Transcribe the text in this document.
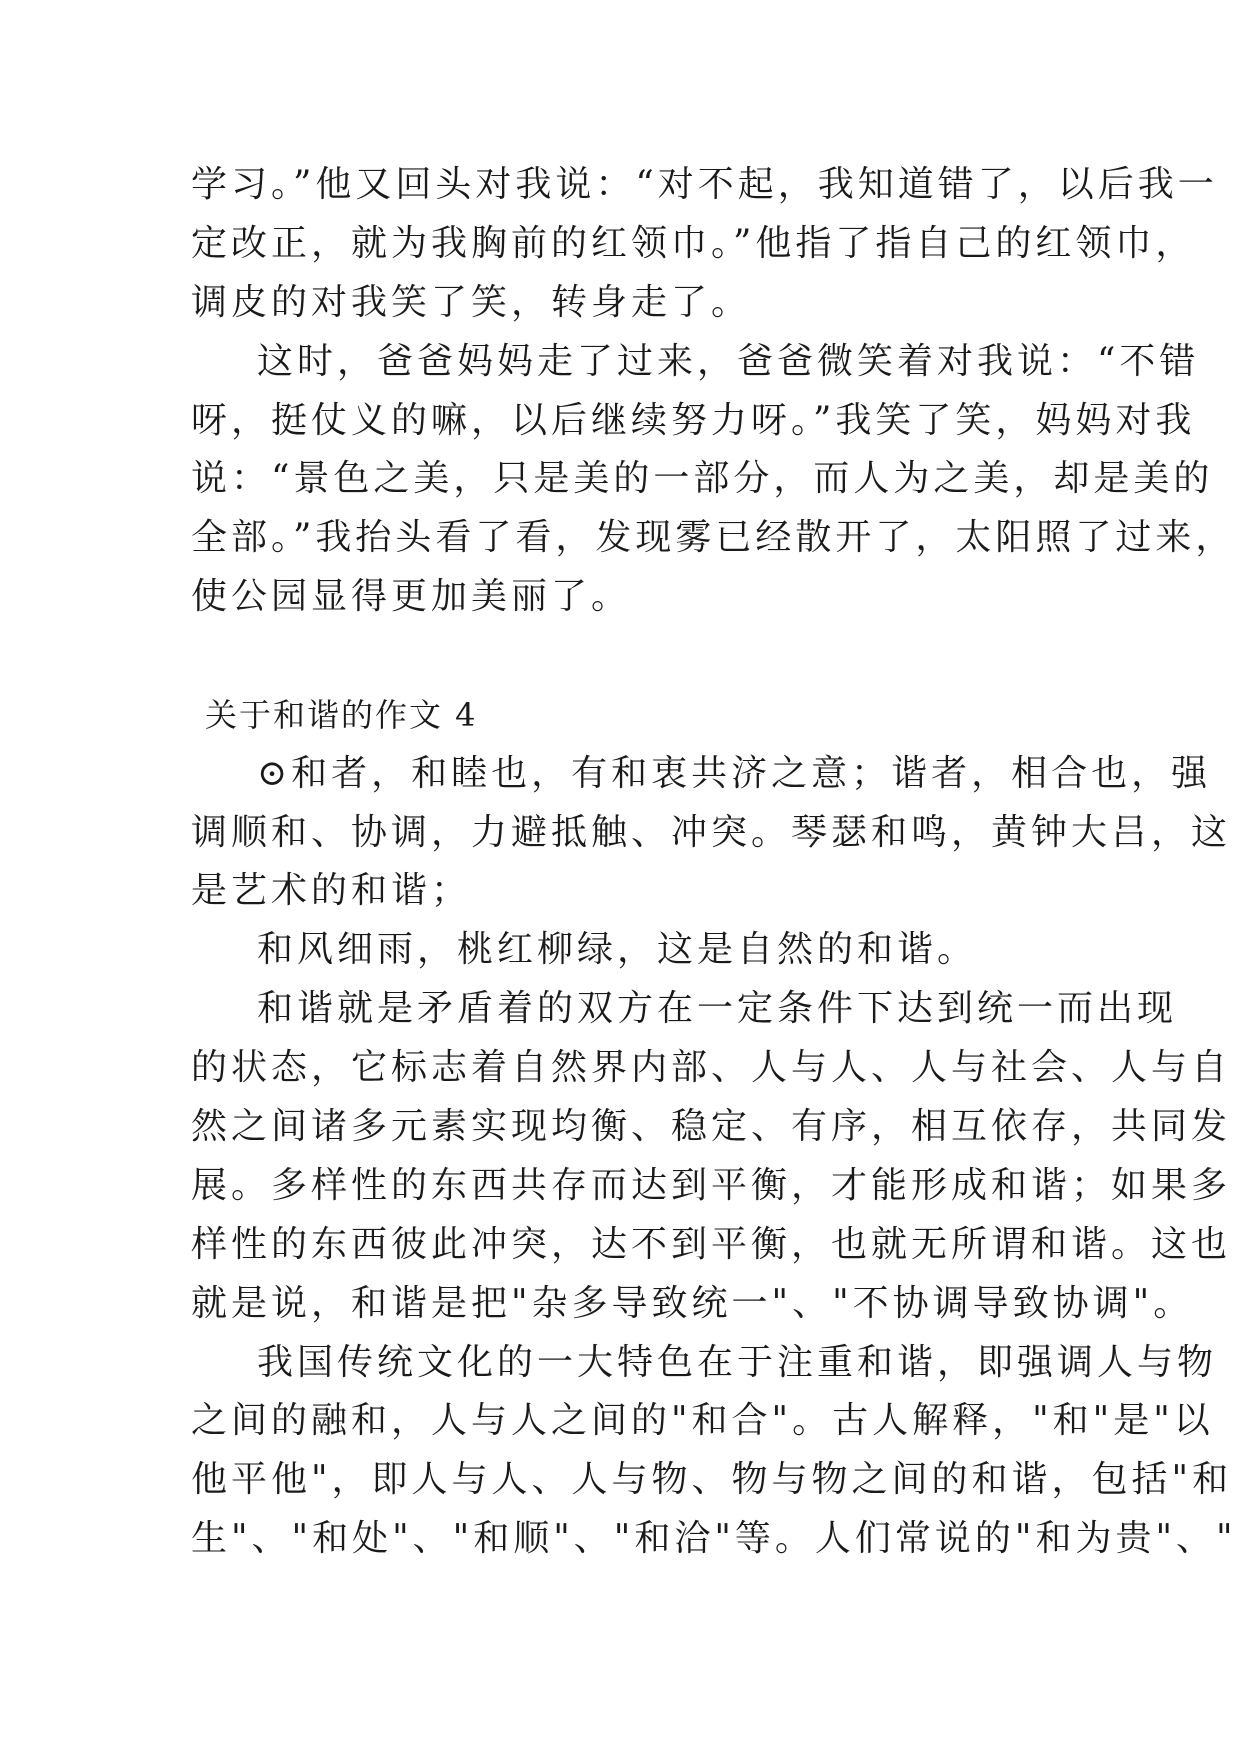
学习。”他又回头对我说：“对不起，我知道错了，以后我一
定改正，就为我胸前的红领巾。”他指了指自己的红领巾，
调皮的对我笑了笑，转身走了。
这时，爸爸妈妈走了过来，爸爸微笑着对我说：“不错
呀，挺仗义的嘛，以后继续努力呀。”我笑了笑，妈妈对我
说：“景色之美，只是美的一部分，而人为之美，却是美的
全部。”我抬头看了看，发现雾已经散开了，太阳照了过来，
使公园显得更加美丽了。
关于和谐的作文 4
⊙和者，和睦也，有和衷共济之意；谐者，相合也，强
调顺和、协调，力避抵触、冲突。琴瑟和鸣，黄钟大吕，这
是艺术的和谐；
和风细雨，桃红柳绿，这是自然的和谐。
和谐就是矛盾着的双方在一定条件下达到统一而出现
的状态，它标志着自然界内部、人与人、人与社会、人与自
然之间诸多元素实现均衡、稳定、有序，相互依存，共同发
展。多样性的东西共存而达到平衡，才能形成和谐；如果多
样性的东西彼此冲突，达不到平衡，也就无所谓和谐。这也
就是说，和谐是把"杂多导致统一"、"不协调导致协调"。
我国传统文化的一大特色在于注重和谐，即强调人与物
之间的融和，人与人之间的"和合"。古人解释，"和"是"以
他平他"，即人与人、人与物、物与物之间的和谐，包括"和
生"、"和处"、"和顺"、"和洽"等。人们常说的"和为贵"、"
